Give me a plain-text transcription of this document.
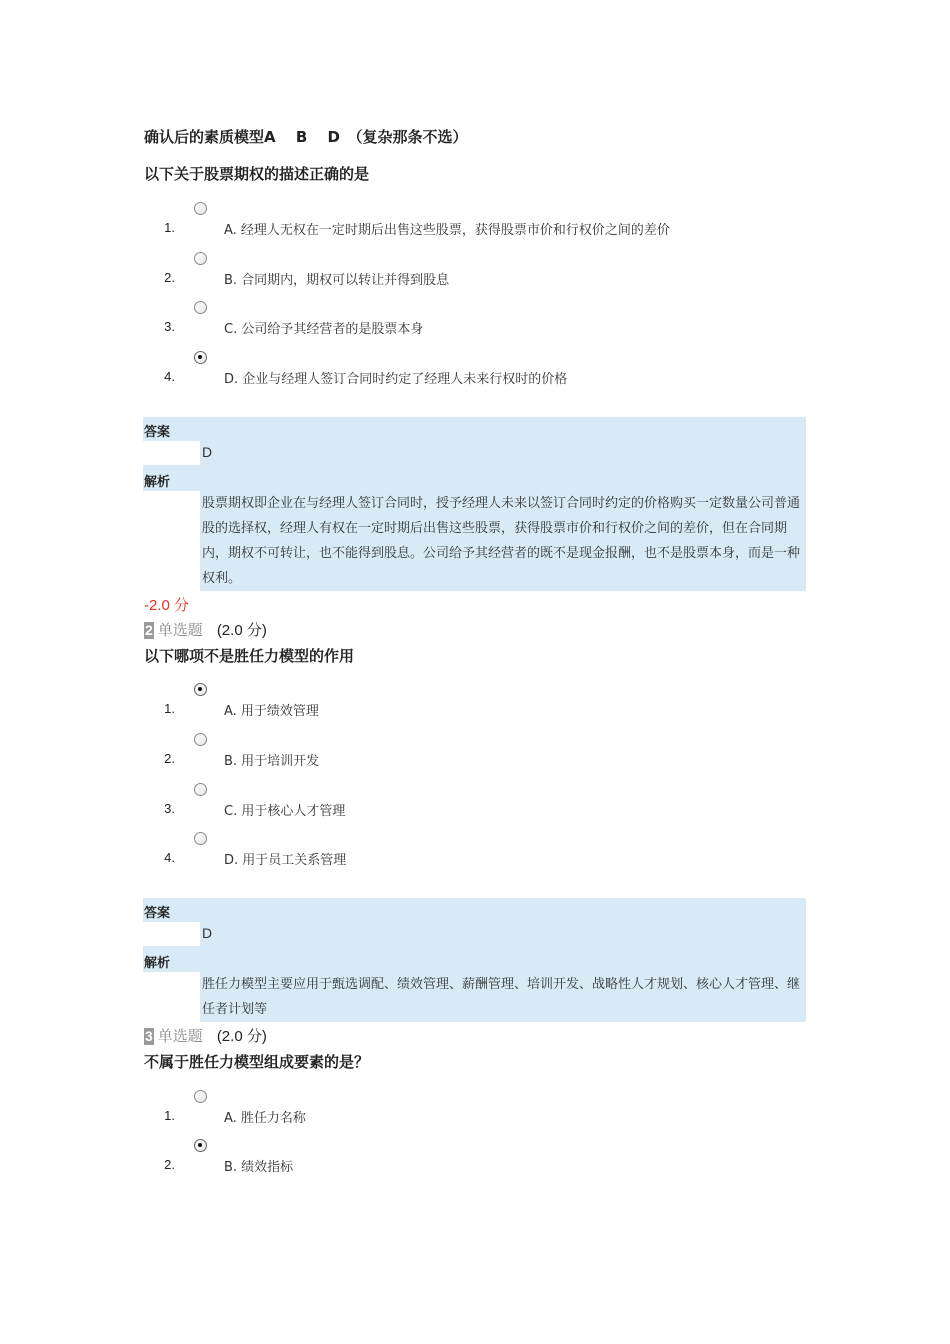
确认后的素质模型A　 B 　D　（复杂那条不选）
以下关于股票期权的描述正确的是
1.	A. 经理人无权在一定时期后出售这些股票，获得股票市价和行权价之间的差价
2.	B. 合同期内，期权可以转让并得到股息
3.	C. 公司给予其经营者的是股票本身
4.	D. 企业与经理人签订合同时约定了经理人未来行权时的价格
答案
D
解析
股票期权即企业在与经理人签订合同时，授予经理人未来以签订合同时约定的价格购买一定数量公司普通股的选择权，经理人有权在一定时期后出售这些股票，获得股票市价和行权价之间的差价，但在合同期内，期权不可转让，也不能得到股息。公司给予其经营者的既不是现金报酬，也不是股票本身，而是一种权利。
-2.0 分
2 单选题 (2.0 分)
以下哪项不是胜任力模型的作用
1.	A. 用于绩效管理
2.	B. 用于培训开发
3.	C. 用于核心人才管理
4.	D. 用于员工关系管理
答案
D
解析
胜任力模型主要应用于甄选调配、绩效管理、薪酬管理、培训开发、战略性人才规划、核心人才管理、继任者计划等
3 单选题 (2.0 分)
不属于胜任力模型组成要素的是？
1.	A. 胜任力名称
2.	B. 绩效指标
